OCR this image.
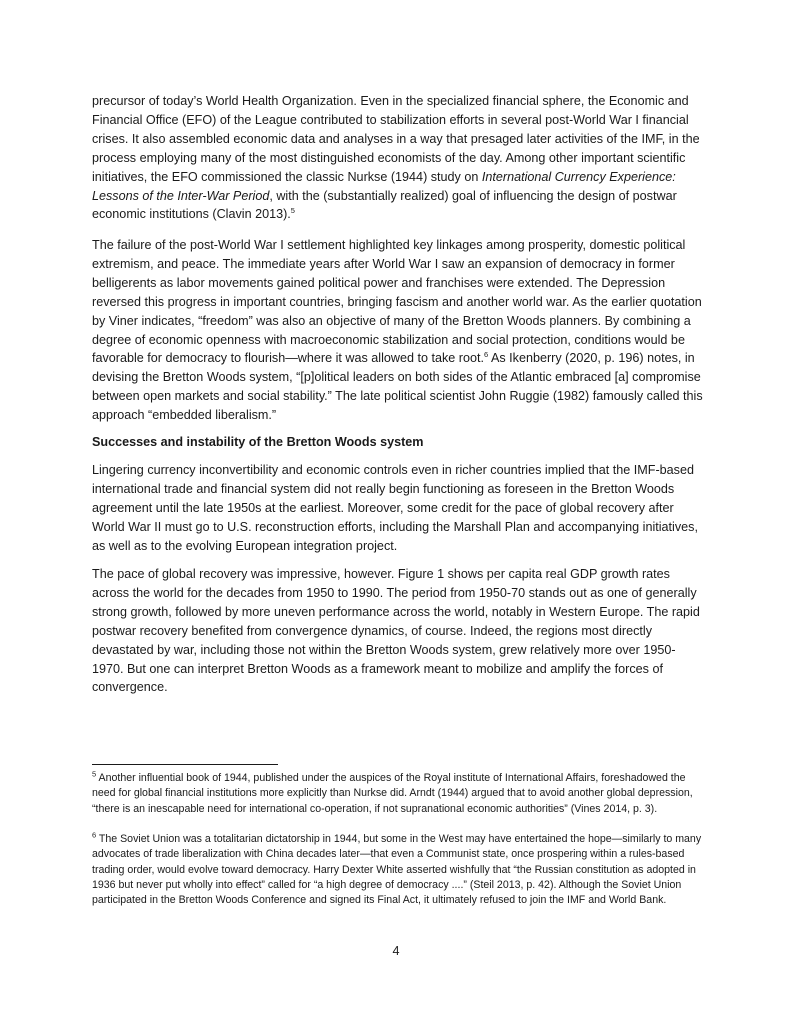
precursor of today’s World Health Organization. Even in the specialized financial sphere, the Economic and Financial Office (EFO) of the League contributed to stabilization efforts in several post-World War I financial crises. It also assembled economic data and analyses in a way that presaged later activities of the IMF, in the process employing many of the most distinguished economists of the day. Among other important scientific initiatives, the EFO commissioned the classic Nurkse (1944) study on International Currency Experience: Lessons of the Inter-War Period, with the (substantially realized) goal of influencing the design of postwar economic institutions (Clavin 2013).$^5$

The failure of the post-World War I settlement highlighted key linkages among prosperity, domestic political extremism, and peace. The immediate years after World War I saw an expansion of democracy in former belligerents as labor movements gained political power and franchises were extended. The Depression reversed this progress in important countries, bringing fascism and another world war. As the earlier quotation by Viner indicates, “freedom” was also an objective of many of the Bretton Woods planners. By combining a degree of economic openness with macroeconomic stabilization and social protection, conditions would be favorable for democracy to flourish—where it was allowed to take root.$^6$ As Ikenberry (2020, p. 196) notes, in devising the Bretton Woods system, “[p]olitical leaders on both sides of the Atlantic embraced [a] compromise between open markets and social stability.” The late political scientist John Ruggie (1982) famously called this approach “embedded liberalism.”

Successes and instability of the Bretton Woods system

Lingering currency inconvertibility and economic controls even in richer countries implied that the IMF-based international trade and financial system did not really begin functioning as foreseen in the Bretton Woods agreement until the late 1950s at the earliest. Moreover, some credit for the pace of global recovery after World War II must go to U.S. reconstruction efforts, including the Marshall Plan and accompanying initiatives, as well as to the evolving European integration project.

The pace of global recovery was impressive, however. Figure 1 shows per capita real GDP growth rates across the world for the decades from 1950 to 1990. The period from 1950-70 stands out as one of generally strong growth, followed by more uneven performance across the world, notably in Western Europe. The rapid postwar recovery benefited from convergence dynamics, of course. Indeed, the regions most directly devastated by war, including those not within the Bretton Woods system, grew relatively more over 1950-1970. But one can interpret Bretton Woods as a framework meant to mobilize and amplify the forces of convergence.

$^5$ Another influential book of 1944, published under the auspices of the Royal institute of International Affairs, foreshadowed the need for global financial institutions more explicitly than Nurkse did. Arndt (1944) argued that to avoid another global depression, “there is an inescapable need for international co-operation, if not supranational economic authorities” (Vines 2014, p. 3).

$^6$ The Soviet Union was a totalitarian dictatorship in 1944, but some in the West may have entertained the hope—similarly to many advocates of trade liberalization with China decades later—that even a Communist state, once prospering within a rules-based trading order, would evolve toward democracy. Harry Dexter White asserted wishfully that “the Russian constitution as adopted in 1936 but never put wholly into effect” called for “a high degree of democracy ....” (Steil 2013, p. 42). Although the Soviet Union participated in the Bretton Woods Conference and signed its Final Act, it ultimately refused to join the IMF and World Bank.

4
